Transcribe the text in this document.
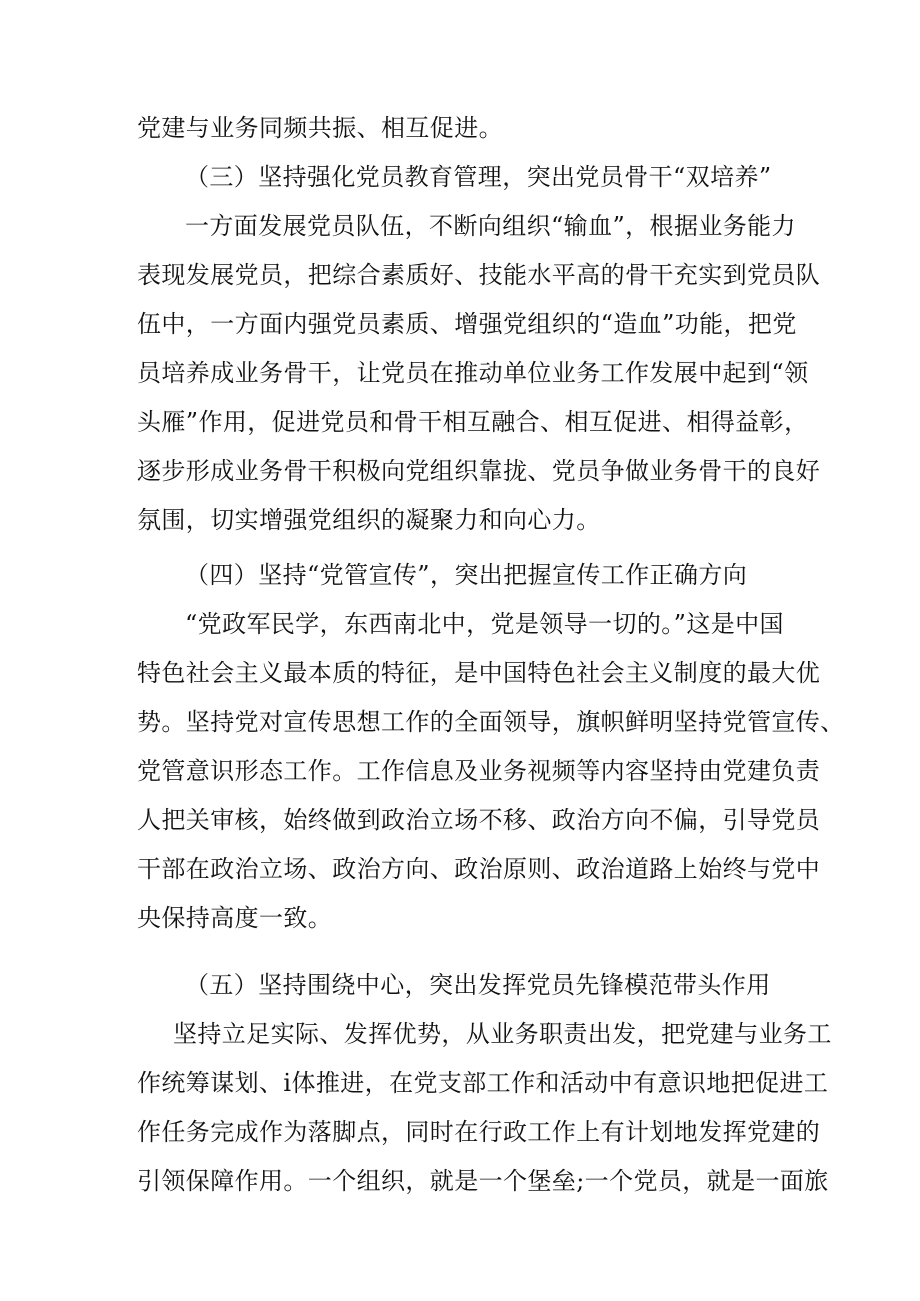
党建与业务同频共振、相互促进。
（三）坚持强化党员教育管理，突出党员骨干“双培养”
一方面发展党员队伍，不断向组织“输血”，根据业务能力
表现发展党员，把综合素质好、技能水平高的骨干充实到党员队
伍中，一方面内强党员素质、增强党组织的“造血”功能，把党
员培养成业务骨干，让党员在推动单位业务工作发展中起到“领
头雁”作用，促进党员和骨干相互融合、相互促进、相得益彰，
逐步形成业务骨干积极向党组织靠拢、党员争做业务骨干的良好
氛围，切实增强党组织的凝聚力和向心力。
（四）坚持“党管宣传”，突出把握宣传工作正确方向
“党政军民学，东西南北中，党是领导一切的。”这是中国
特色社会主义最本质的特征，是中国特色社会主义制度的最大优
势。坚持党对宣传思想工作的全面领导，旗帜鲜明坚持党管宣传、
党管意识形态工作。工作信息及业务视频等内容坚持由党建负责
人把关审核，始终做到政治立场不移、政治方向不偏，引导党员
干部在政治立场、政治方向、政治原则、政治道路上始终与党中
央保持高度一致。
（五）坚持围绕中心，突出发挥党员先锋模范带头作用
坚持立足实际、发挥优势，从业务职责出发，把党建与业务工
作统筹谋划、i体推进，在党支部工作和活动中有意识地把促进工
作任务完成作为落脚点，同时在行政工作上有计划地发挥党建的
引领保障作用。一个组织，就是一个堡垒;一个党员，就是一面旅
